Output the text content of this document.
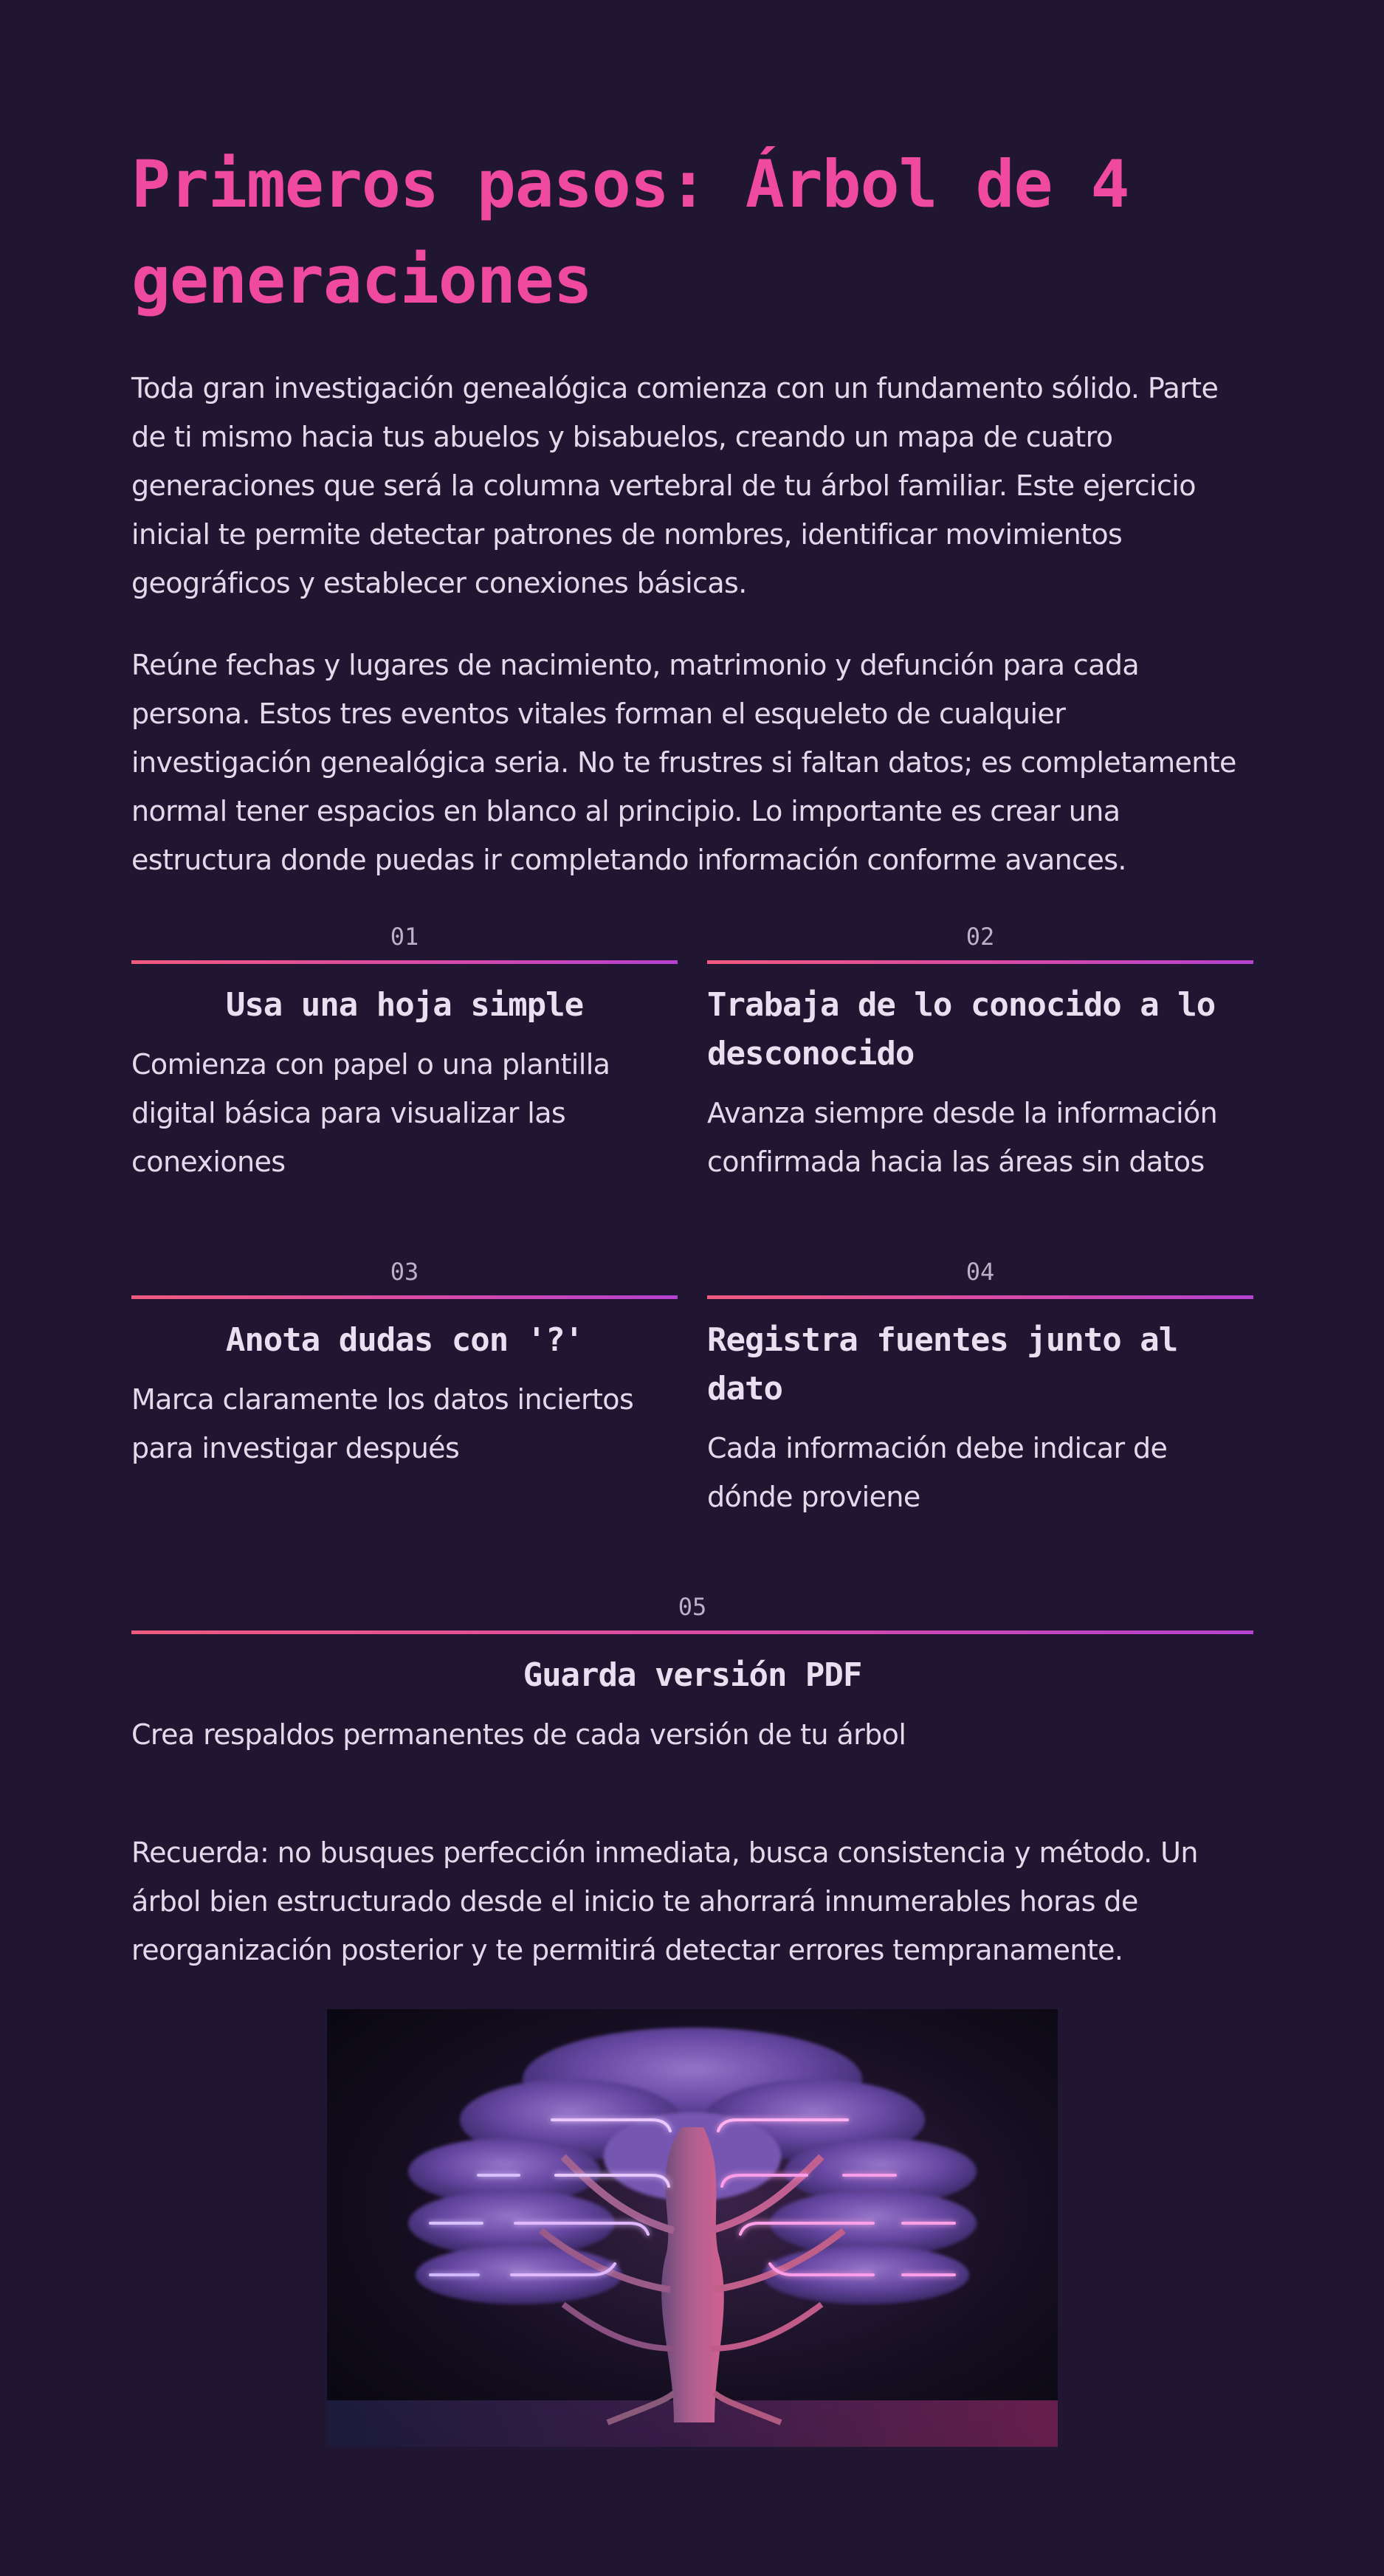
Primeros pasos: Árbol de 4 generaciones

Toda gran investigación genealógica comienza con un fundamento sólido. Parte de ti mismo hacia tus abuelos y bisabuelos, creando un mapa de cuatro generaciones que será la columna vertebral de tu árbol familiar. Este ejercicio inicial te permite detectar patrones de nombres, identificar movimientos geográficos y establecer conexiones básicas.

Reúne fechas y lugares de nacimiento, matrimonio y defunción para cada persona. Estos tres eventos vitales forman el esqueleto de cualquier investigación genealógica seria. No te frustres si faltan datos; es completamente normal tener espacios en blanco al principio. Lo importante es crear una estructura donde puedas ir completando información conforme avances.

01
Usa una hoja simple

Comienza con papel o una plantilla digital básica para visualizar las conexiones

02
Trabaja de lo conocido a lo desconocido

Avanza siempre desde la información confirmada hacia las áreas sin datos

03
Anota dudas con '?'

Marca claramente los datos inciertos para investigar después

04
Registra fuentes junto al dato

Cada información debe indicar de dónde proviene

05
Guarda versión PDF

Crea respaldos permanentes de cada versión de tu árbol

Recuerda: no busques perfección inmediata, busca consistencia y método. Un árbol bien estructurado desde el inicio te ahorrará innumerables horas de reorganización posterior y te permitirá detectar errores tempranamente.
